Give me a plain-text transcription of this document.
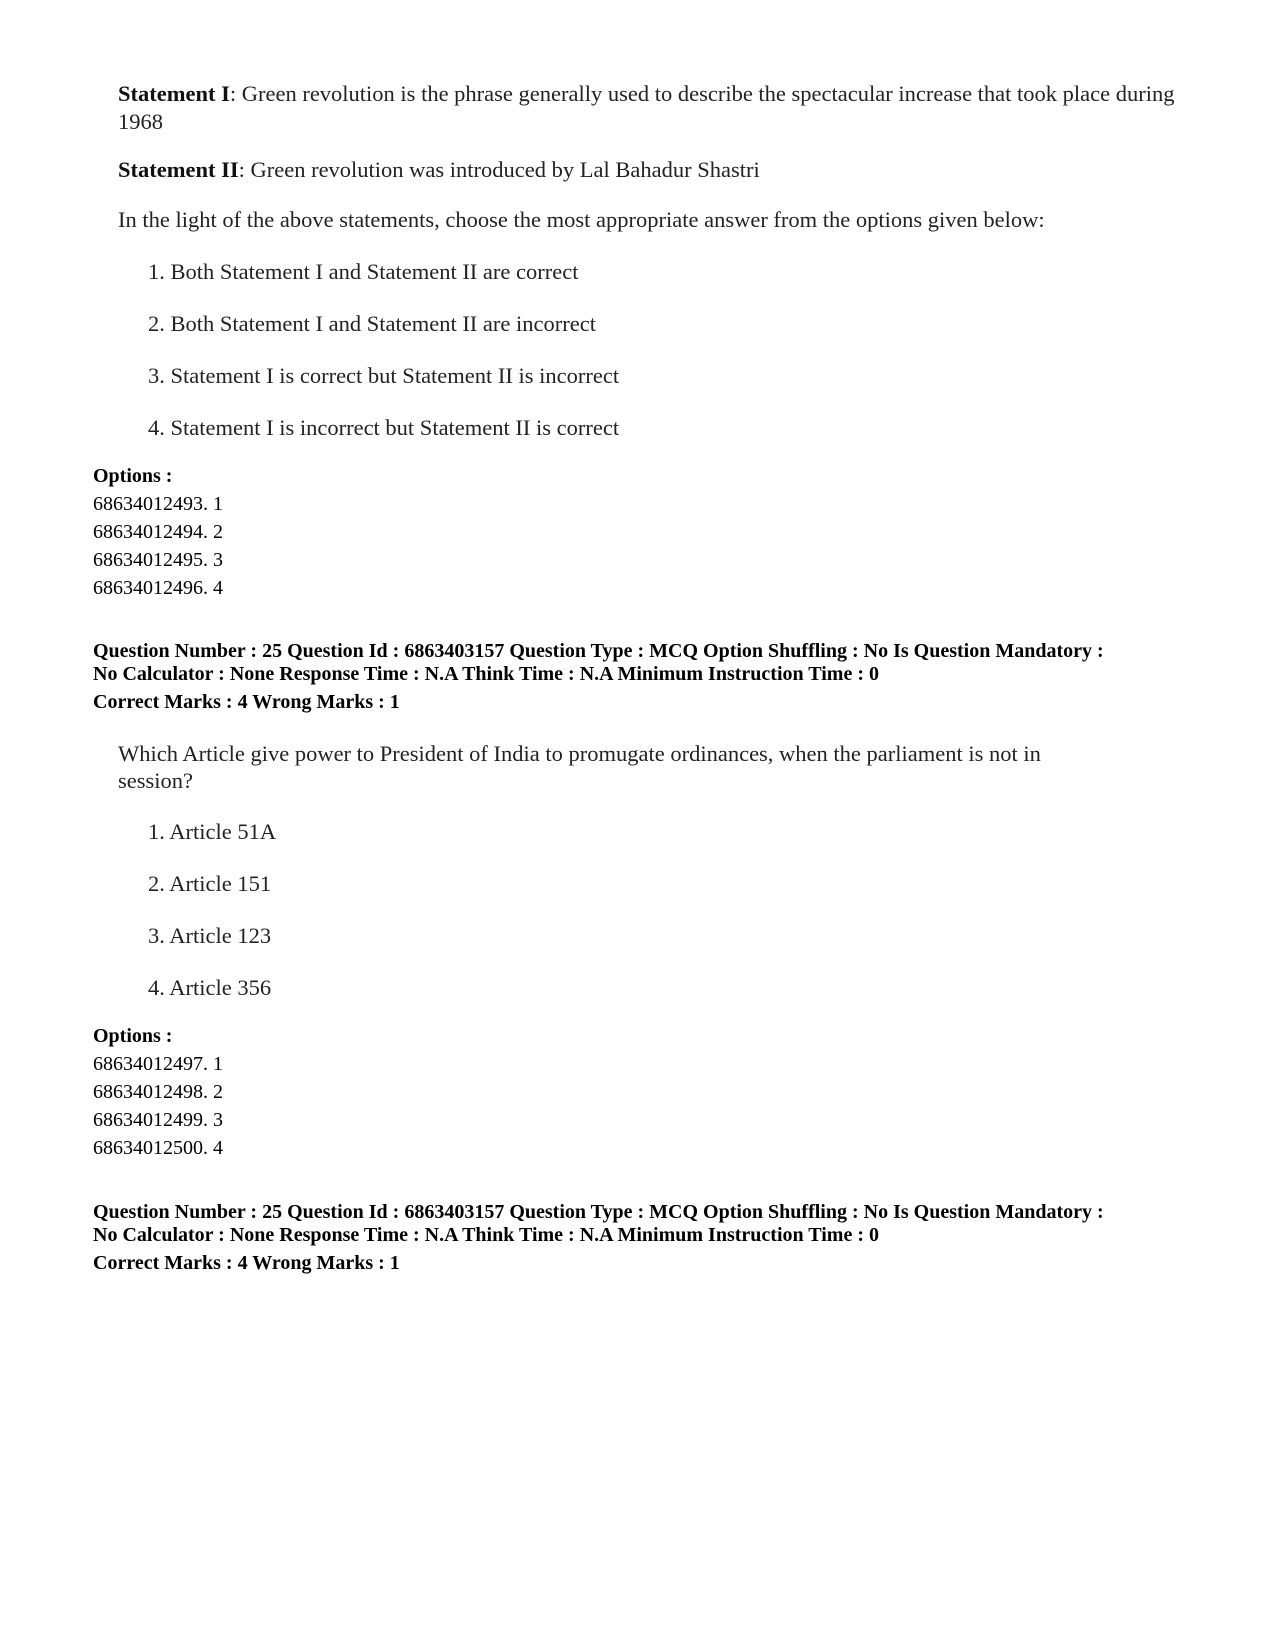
Statement I: Green revolution is the phrase generally used to describe the spectacular increase that took place during 1968

Statement II: Green revolution was introduced by Lal Bahadur Shastri

In the light of the above statements, choose the most appropriate answer from the options given below:

1. Both Statement I and Statement II are correct
2. Both Statement I and Statement II are incorrect
3. Statement I is correct but Statement II is incorrect
4. Statement I is incorrect but Statement II is correct
Options :
68634012493. 1
68634012494. 2
68634012495. 3
68634012496. 4
Question Number : 25 Question Id : 6863403157 Question Type : MCQ Option Shuffling : No Is Question Mandatory :
No Calculator : None Response Time : N.A Think Time : N.A Minimum Instruction Time : 0
Correct Marks : 4 Wrong Marks : 1

Which Article give power to President of India to promugate ordinances, when the parliament is not in

session?

1. Article 51A
2. Article 151
3. Article 123
4. Article 356
Options :
68634012497. 1
68634012498. 2
68634012499. 3
68634012500. 4
Question Number : 25 Question Id : 6863403157 Question Type : MCQ Option Shuffling : No Is Question Mandatory :
No Calculator : None Response Time : N.A Think Time : N.A Minimum Instruction Time : 0
Correct Marks : 4 Wrong Marks : 1
